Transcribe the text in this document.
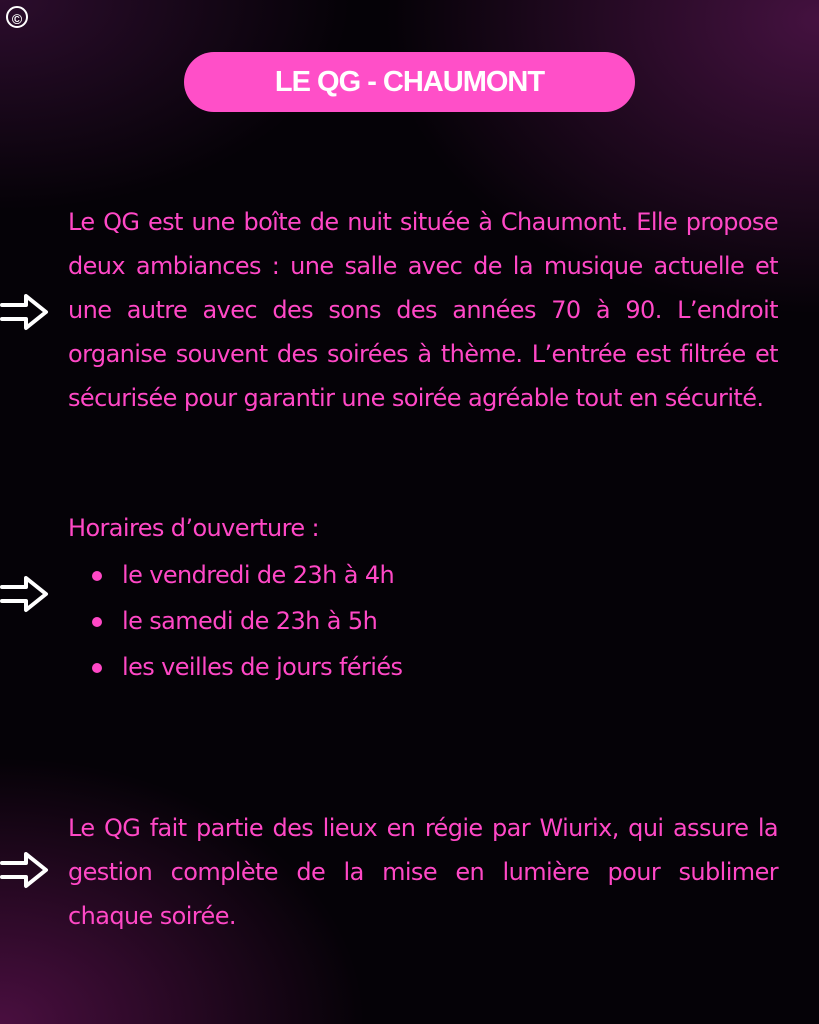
©
LE QG - CHAUMONT

Le QG est une boîte de nuit située à Chaumont. Elle propose deux ambiances : une salle avec de la musique actuelle et une autre avec des sons des années 70 à 90. L’endroit organise souvent des soirées à thème. L’entrée est filtrée et sécurisée pour garantir une soirée agréable tout en sécurité.

Horaires d’ouverture :
le vendredi de 23h à 4h
le samedi de 23h à 5h
les veilles de jours fériés

Le QG fait partie des lieux en régie par Wiurix, qui assure la gestion complète de la mise en lumière pour sublimer chaque soirée.
